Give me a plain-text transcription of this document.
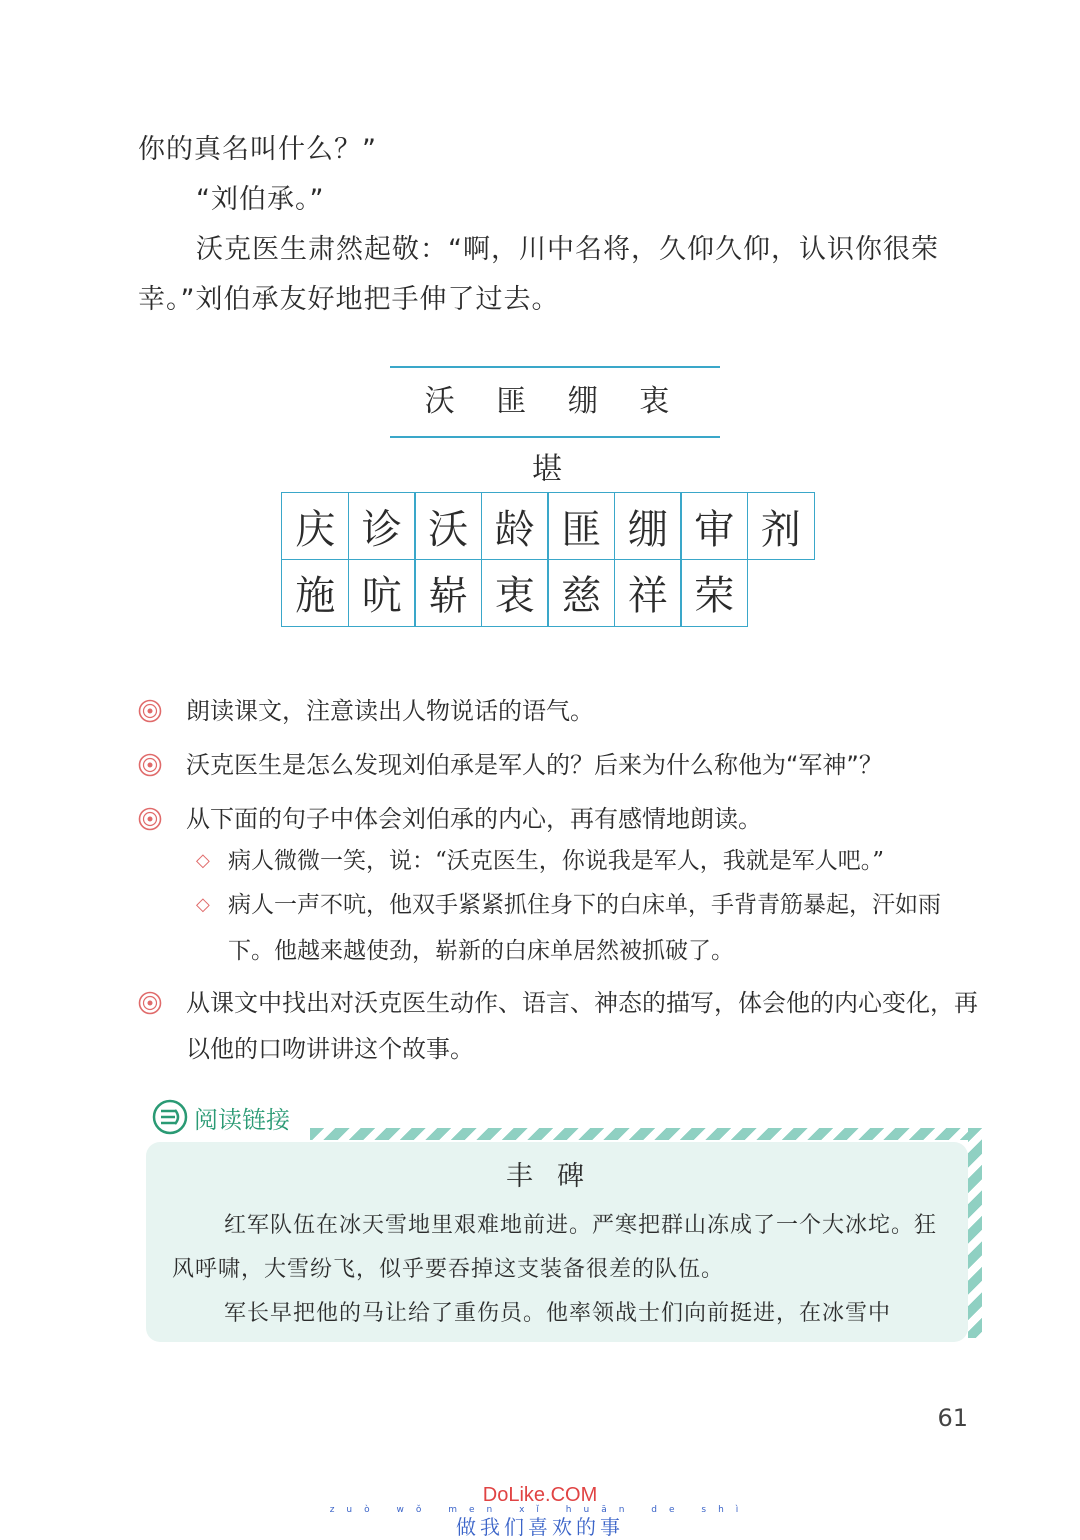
你的真名叫什么？”

“刘伯承。”

沃克医生肃然起敬：“啊，川中名将，久仰久仰，认识你很荣幸。”刘伯承友好地把手伸了过去。

沃 匪 绷 衷 堪
庆 诊 沃 龄 匪 绷 审 剂
施 吭 崭 衷 慈 祥 荣
朗读课文，注意读出人物说话的语气。
沃克医生是怎么发现刘伯承是军人的？后来为什么称他为“军神”？
从下面的句子中体会刘伯承的内心，再有感情地朗读。
◇ 病人微微一笑，说：“沃克医生，你说我是军人，我就是军人吧。”
◇ 病人一声不吭，他双手紧紧抓住身下的白床单，手背青筋暴起，汗如雨下。他越来越使劲，崭新的白床单居然被抓破了。
从课文中找出对沃克医生动作、语言、神态的描写，体会他的内心变化，再以他的口吻讲讲这个故事。
阅读链接
丰碑

红军队伍在冰天雪地里艰难地前进。严寒把群山冻成了一个大冰坨。狂风呼啸，大雪纷飞，似乎要吞掉这支装备很差的队伍。

军长早把他的马让给了重伤员。他率领战士们向前挺进，在冰雪中

61
DoLike.COM
zuò wǒ men xǐ huān de shì
做我们喜欢的事
